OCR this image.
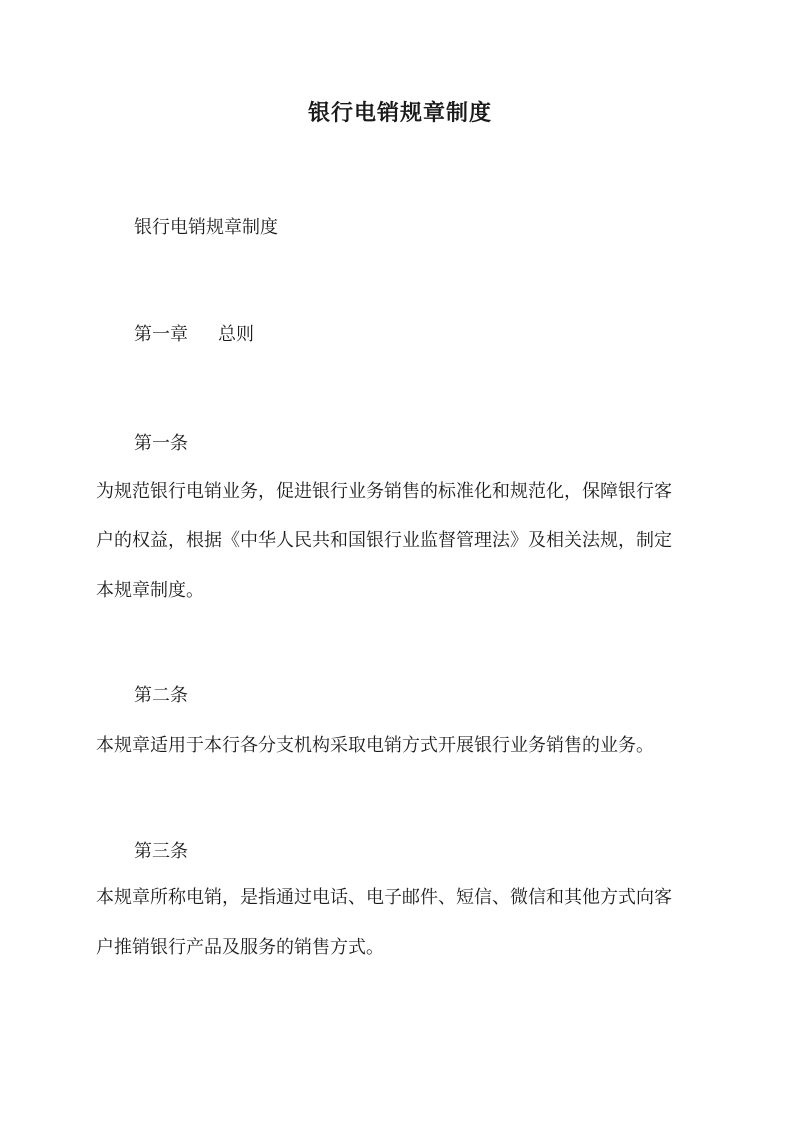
银行电销规章制度
银行电销规章制度
第一章 总则
第一条
为规范银行电销业务，促进银行业务销售的标准化和规范化，保障银行客
户的权益，根据《中华人民共和国银行业监督管理法》及相关法规，制定
本规章制度。
第二条
本规章适用于本行各分支机构采取电销方式开展银行业务销售的业务。
第三条
本规章所称电销，是指通过电话、电子邮件、短信、微信和其他方式向客
户推销银行产品及服务的销售方式。
